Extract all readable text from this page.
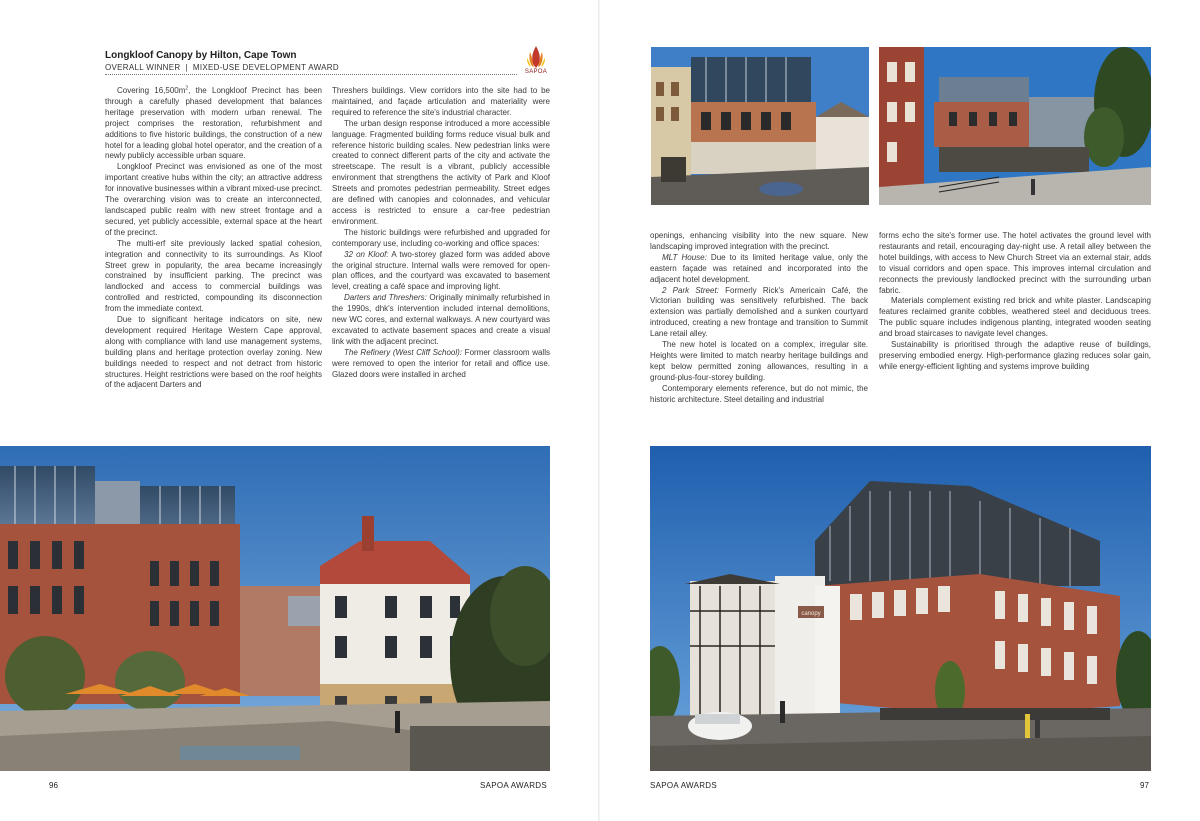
Longkloof Canopy by Hilton, Cape Town
OVERALL WINNER | MIXED-USE DEVELOPMENT AWARD	SAPOA

Covering $16,500m^2$, the Longkloof Precinct has been through a carefully phased development that balances heritage preservation with modern urban renewal. The project comprises the restoration, refurbishment and additions to five historic buildings, the construction of a new hotel for a leading global hotel operator, and the creation of a newly publicly accessible urban square.

Longkloof Precinct was envisioned as one of the most important creative hubs within the city; an attractive address for innovative businesses within a vibrant mixed-use precinct. The overarching vision was to create an interconnected, landscaped public realm with new street frontage and a secured, yet publicly accessible, external space at the heart of the precinct.

The multi-erf site previously lacked spatial cohesion, integration and connectivity to its surroundings. As Kloof Street grew in popularity, the area became increasingly constrained by insufficient parking. The precinct was landlocked and access to commercial buildings was controlled and restricted, compounding its disconnection from the immediate context.

Due to significant heritage indicators on site, new development required Heritage Western Cape approval, along with compliance with land use management systems, building plans and heritage protection overlay zoning. New buildings needed to respect and not detract from historic structures. Height restrictions were based on the roof heights of the adjacent Darters and

Threshers buildings. View corridors into the site had to be maintained, and façade articulation and materiality were required to reference the site's industrial character.

The urban design response introduced a more accessible language. Fragmented building forms reduce visual bulk and reference historic building scales. New pedestrian links were created to connect different parts of the city and activate the streetscape. The result is a vibrant, publicly accessible environment that strengthens the activity of Park and Kloof Streets and promotes pedestrian permeability. Street edges are defined with canopies and colonnades, and vehicular access is restricted to ensure a car-free pedestrian environment.

The historic buildings were refurbished and upgraded for contemporary use, including co-working and office spaces:

32 on Kloof: A two-storey glazed form was added above the original structure. Internal walls were removed for open-plan offices, and the courtyard was excavated to basement level, creating a café space and improving light.

Darters and Threshers: Originally minimally refurbished in the 1990s, dhk's intervention included internal demolitions, new WC cores, and external walkways. A new courtyard was excavated to activate basement spaces and create a visual link with the adjacent precinct.

The Refinery (West Cliff School): Former classroom walls were removed to open the interior for retail and office use. Glazed doors were installed in arched

96	SAPOA AWARDS

openings, enhancing visibility into the new square. New landscaping improved integration with the precinct.

MLT House: Due to its limited heritage value, only the eastern façade was retained and incorporated into the adjacent hotel development.

2 Park Street: Formerly Rick's Americain Café, the Victorian building was sensitively refurbished. The back extension was partially demolished and a sunken courtyard introduced, creating a new frontage and transition to Summit Lane retail alley.

The new hotel is located on a complex, irregular site. Heights were limited to match nearby heritage buildings and kept below permitted zoning allowances, resulting in a ground-plus-four-storey building.

Contemporary elements reference, but do not mimic, the historic architecture. Steel detailing and industrial

forms echo the site's former use. The hotel activates the ground level with restaurants and retail, encouraging day-night use. A retail alley between the hotel buildings, with access to New Church Street via an external stair, adds to visual corridors and open space. This improves internal circulation and reconnects the previously landlocked precinct with the surrounding urban fabric.

Materials complement existing red brick and white plaster. Landscaping features reclaimed granite cobbles, weathered steel and deciduous trees. The public square includes indigenous planting, integrated wooden seating and broad staircases to navigate level changes.

Sustainability is prioritised through the adaptive reuse of buildings, preserving embodied energy. High-performance glazing reduces solar gain, while energy-efficient lighting and systems improve building

canopy
SAPOA AWARDS	97
